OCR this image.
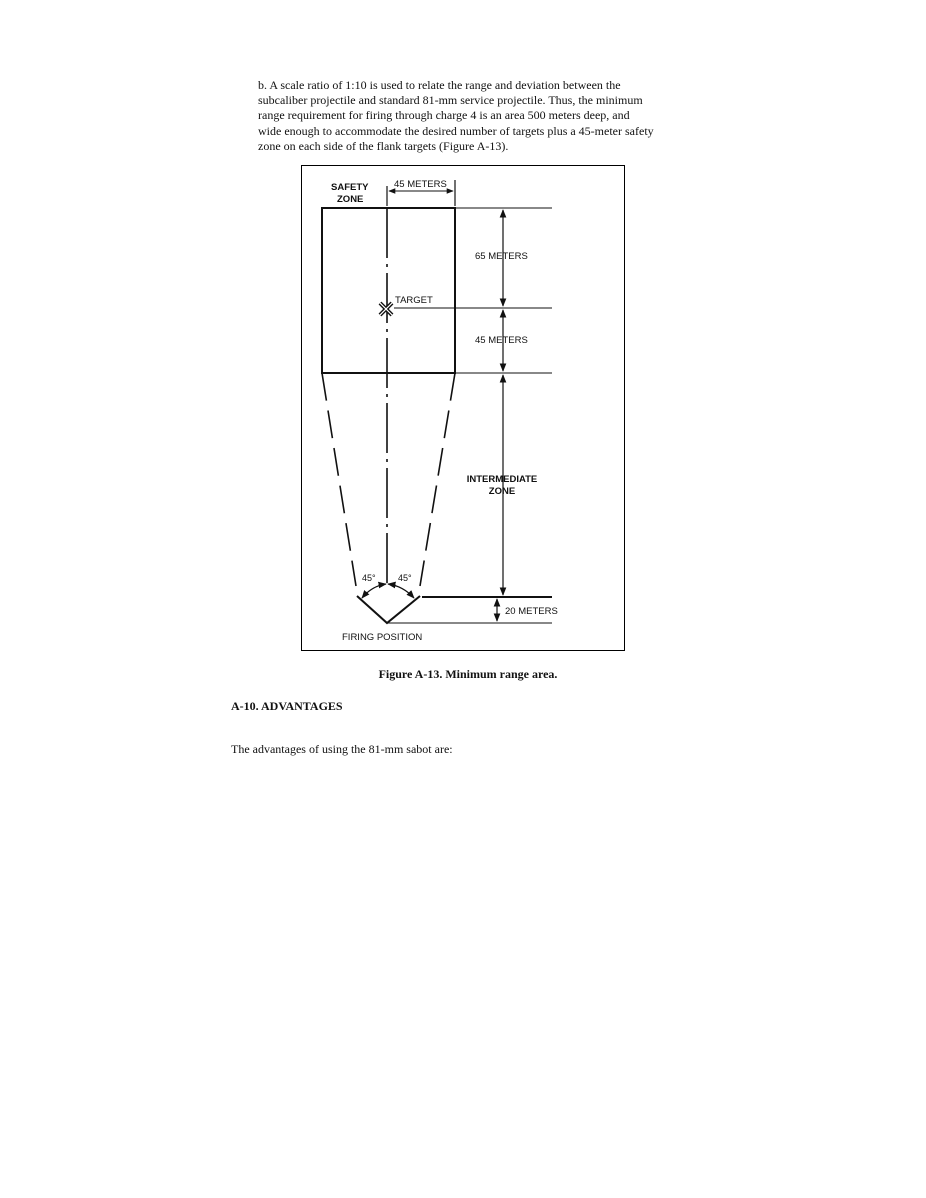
b. A scale ratio of 1:10 is used to relate the range and deviation between the
subcaliber projectile and standard 81-mm service projectile. Thus, the minimum
range requirement for firing through charge 4 is an area 500 meters deep, and
wide enough to accommodate the desired number of targets plus a 45-meter safety
zone on each side of the flank targets (Figure A-13).

SAFETY
ZONE
45 METERS
65 METERS
TARGET
45 METERS
INTERMEDIATE
ZONE
45° 45°
20 METERS
FIRING POSITION
Figure A-13. Minimum range area.
A-10. ADVANTAGES
The advantages of using the 81-mm sabot are:
